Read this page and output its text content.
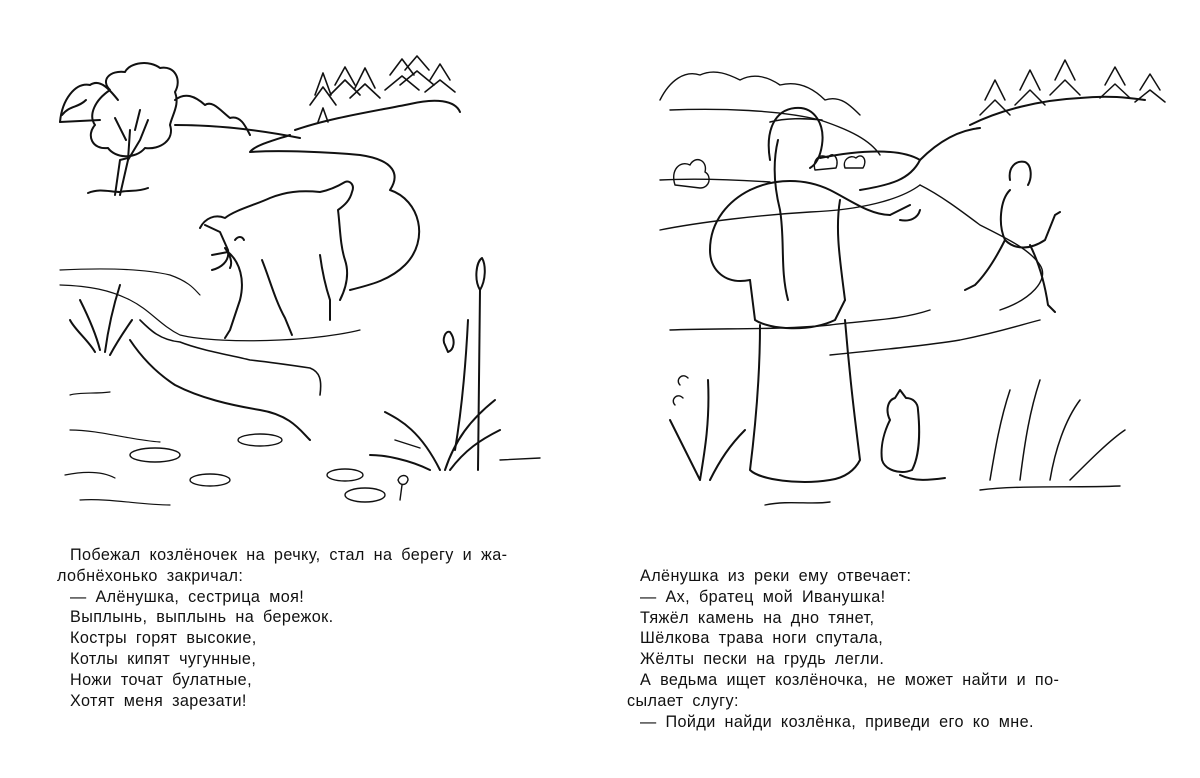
Побежал козлёночек на речку, стал на берегу и жа-
лобнёхонько закричал:
— Алёнушка, сестрица моя!
Выплынь, выплынь на бережок.
Костры горят высокие,
Котлы кипят чугунные,
Ножи точат булатные,
Хотят меня зарезати!
Алёнушка из реки ему отвечает:
— Ах, братец мой Иванушка!
Тяжёл камень на дно тянет,
Шёлкова трава ноги спутала,
Жёлты пески на грудь легли.
А ведьма ищет козлёночка, не может найти и по-
сылает слугу:
— Пойди найди козлёнка, приведи его ко мне.
